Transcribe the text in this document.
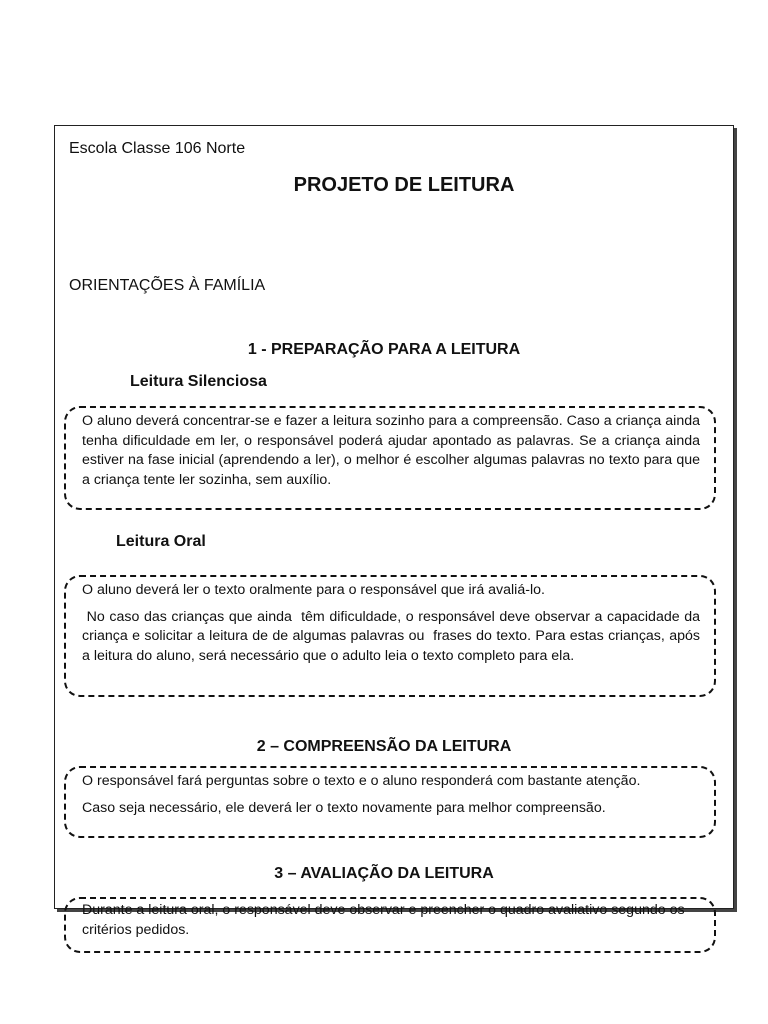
Escola Classe 106 Norte
PROJETO DE LEITURA
ORIENTAÇÕES À FAMÍLIA
1 - PREPARAÇÃO PARA A LEITURA
Leitura Silenciosa

O aluno deverá concentrar-se e fazer a leitura sozinho para a compreensão. Caso a criança ainda tenha dificuldade em ler, o responsável poderá ajudar apontado as palavras. Se a criança ainda estiver na fase inicial (aprendendo a ler), o melhor é escolher algumas palavras no texto para que a criança tente ler sozinha, sem auxílio.

Leitura Oral

O aluno deverá ler o texto oralmente para o responsável que irá avaliá-lo.

No caso das crianças que ainda  têm dificuldade, o responsável deve observar a capacidade da criança e solicitar a leitura de de algumas palavras ou  frases do texto. Para estas crianças, após a leitura do aluno, será necessário que o adulto leia o texto completo para ela.

2 – COMPREENSÃO DA LEITURA

O responsável fará perguntas sobre o texto e o aluno responderá com bastante atenção.

Caso seja necessário, ele deverá ler o texto novamente para melhor compreensão.

3 – AVALIAÇÃO DA LEITURA

Durante a leitura oral, o responsável deve observar e preencher o quadro avaliativo segundo os critérios pedidos.
